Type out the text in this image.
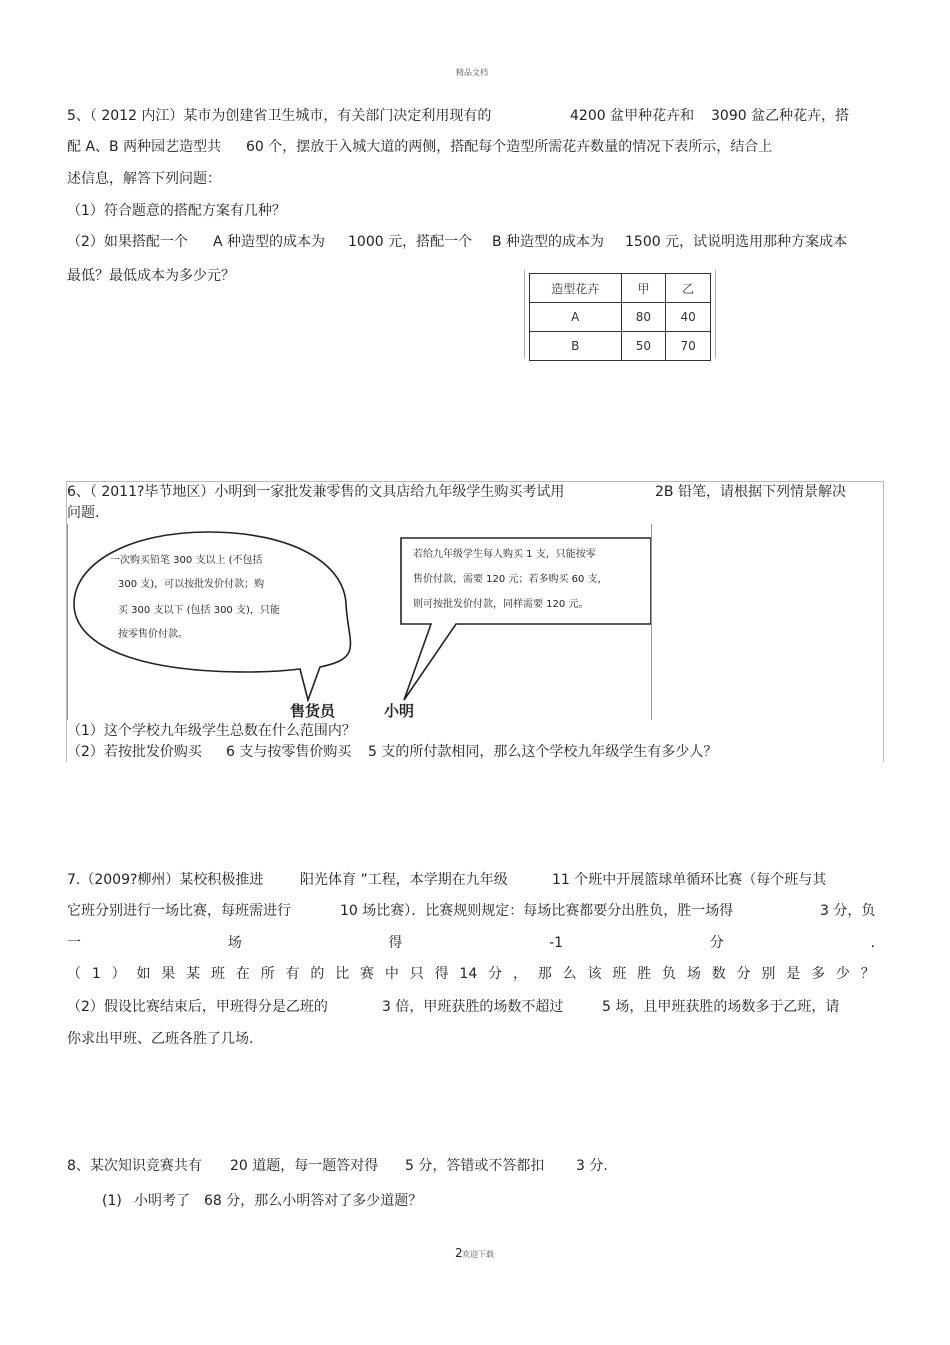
精品文档
5、（ 2012 内江）某市为创建省卫生城市，有关部门决定利用现有的	4200 盆甲种花卉和 3090 盆乙种花卉，搭
配 A、B 两种园艺造型共 60 个，摆放于入城大道的两侧，搭配每个造型所需花卉数量的情况下表所示，结合上
述信息，解答下列问题：
（1）符合题意的搭配方案有几种？
（2）如果搭配一个 A 种造型的成本为 1000 元，搭配一个 B 种造型的成本为 1500 元，试说明选用那种方案成本
最低？最低成本为多少元？
造型花卉	甲	乙
A	80	40
B	50	70
6、（ 2011?毕节地区）小明到一家批发兼零售的文具店给九年级学生购买考试用	2B 铅笔，请根据下列情景解决
问题.
一次购买铅笔 300 支以上 (不包括
300 支)，可以按批发价付款；购
买 300 支以下 (包括 300 支)，只能
按零售价付款。
若给九年级学生每人购买 1 支，只能按零
售价付款，需要 120 元；若多购买 60 支，
则可按批发价付款，同样需要 120 元。
售货员	小明
（1）这个学校九年级学生总数在什么范围内？
（2）若按批发价购买 6 支与按零售价购买 5 支的所付款相同，那么这个学校九年级学生有多少人？
7.（2009?柳州）某校积极推进	阳光体育 ”工程，本学期在九年级	11 个班中开展篮球单循环比赛（每个班与其
它班分别进行一场比赛，每班需进行	10 场比赛）．比赛规则规定：每场比赛都要分出胜负，胜一场得	3 分，负
一	场	得	-1	分	.
（ 1 ） 如 果 某 班 在 所 有 的 比 赛 中 只 得 14 分 ， 那 么 该 班 胜 负 场 数 分 别 是 多 少 ？
（2）假设比赛结束后，甲班得分是乙班的	3 倍，甲班获胜的场数不超过	5 场，且甲班获胜的场数多于乙班，请
你求出甲班、乙班各胜了几场.
8、某次知识竞赛共有 20 道题，每一题答对得 5 分，答错或不答都扣 3 分.
(1) 小明考了 68 分，那么小明答对了多少道题？
2 欢迎下载
